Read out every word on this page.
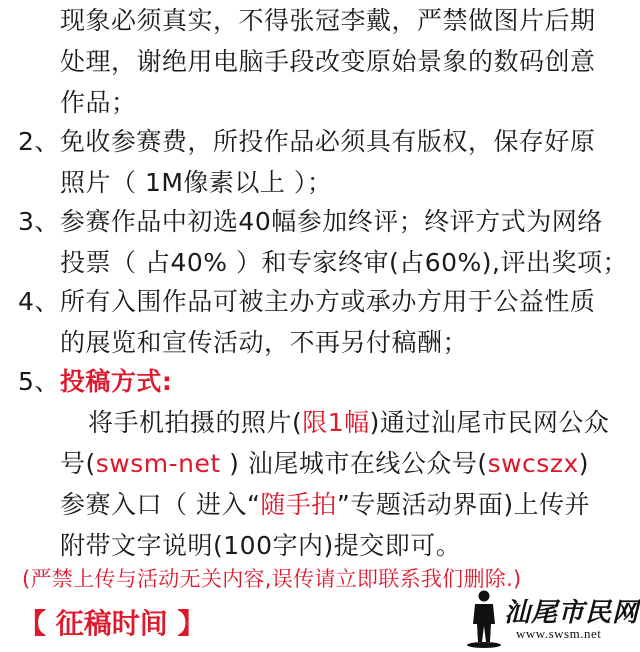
现象必须真实，不得张冠李戴，严禁做图片后期
处理，谢绝用电脑手段改变原始景象的数码创意
作品；
2、免收参赛费，所投作品必须具有版权，保存好原
照片（ 1M像素以上 ）；
3、参赛作品中初选40幅参加终评；终评方式为网络
投票（ 占40% ）和专家终审(占60%),评出奖项；
4、所有入围作品可被主办方或承办方用于公益性质
的展览和宣传活动，不再另付稿酬；
5、投稿方式:
将手机拍摄的照片(限1幅)通过汕尾市民网公众
号(swsm-net ) 汕尾城市在线公众号(swcszx)
参赛入口（ 进入“随手拍”专题活动界面)上传并
附带文字说明(100字内)提交即可。
(严禁上传与活动无关内容,误传请立即联系我们删除.)
【 征稿时间 】	汕尾市民网
www.swsm.net
